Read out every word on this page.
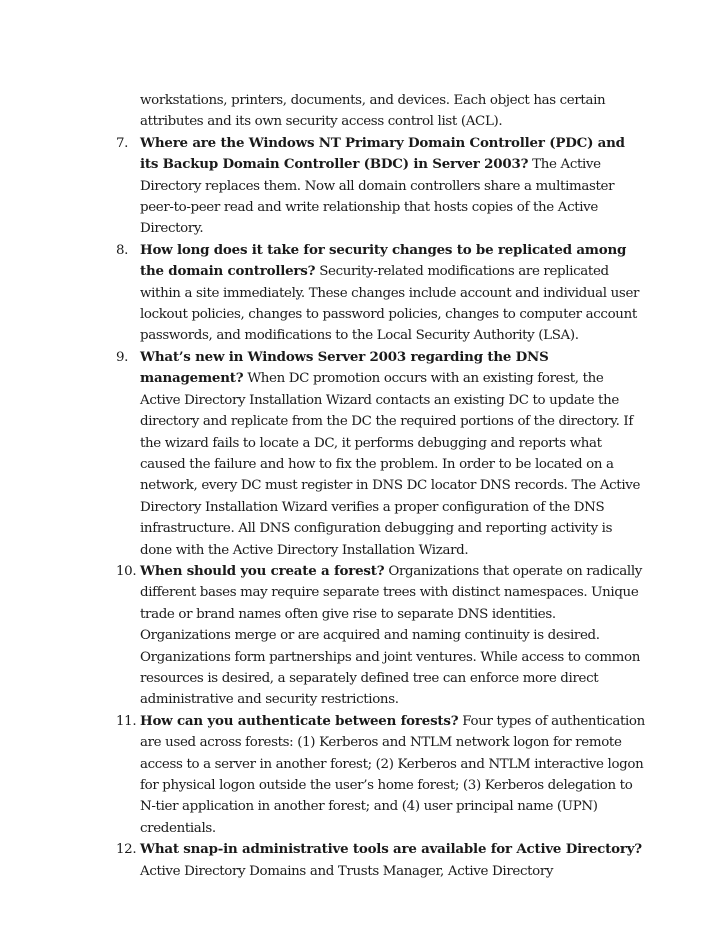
workstations, printers, documents, and devices. Each object has certain attributes and its own security access control list (ACL).

7. Where are the Windows NT Primary Domain Controller (PDC) and its Backup Domain Controller (BDC) in Server 2003? The Active Directory replaces them. Now all domain controllers share a multimaster peer-to-peer read and write relationship that hosts copies of the Active Directory.
8. How long does it take for security changes to be replicated among the domain controllers? Security-related modifications are replicated within a site immediately. These changes include account and individual user lockout policies, changes to password policies, changes to computer account passwords, and modifications to the Local Security Authority (LSA).
9. What’s new in Windows Server 2003 regarding the DNS management? When DC promotion occurs with an existing forest, the Active Directory Installation Wizard contacts an existing DC to update the directory and replicate from the DC the required portions of the directory. If the wizard fails to locate a DC, it performs debugging and reports what caused the failure and how to fix the problem. In order to be located on a network, every DC must register in DNS DC locator DNS records. The Active Directory Installation Wizard verifies a proper configuration of the DNS infrastructure. All DNS configuration debugging and reporting activity is done with the Active Directory Installation Wizard.
10. When should you create a forest? Organizations that operate on radically different bases may require separate trees with distinct namespaces. Unique trade or brand names often give rise to separate DNS identities. Organizations merge or are acquired and naming continuity is desired. Organizations form partnerships and joint ventures. While access to common resources is desired, a separately defined tree can enforce more direct administrative and security restrictions.
11. How can you authenticate between forests? Four types of authentication are used across forests: (1) Kerberos and NTLM network logon for remote access to a server in another forest; (2) Kerberos and NTLM interactive logon for physical logon outside the user’s home forest; (3) Kerberos delegation to N-tier application in another forest; and (4) user principal name (UPN) credentials.
12. What snap-in administrative tools are available for Active Directory? Active Directory Domains and Trusts Manager, Active Directory
